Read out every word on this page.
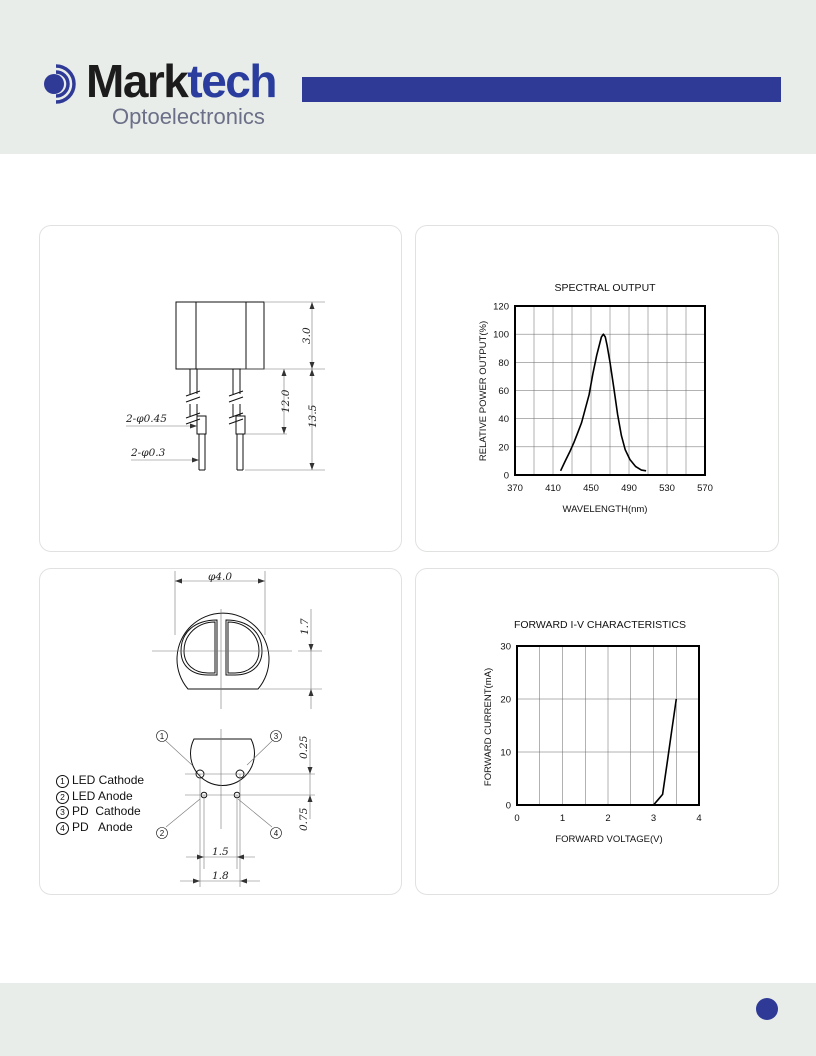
Marktech
Optoelectronics
3.0
12.0
13.5
2-φ0.45
2-φ0.3
SPECTRAL OUTPUT
WAVELENGTH(nm)
RELATIVE POWER OUTPUT(%)
0
20
40
60
80
100
120
370 410 450 490 530 570
φ4.0
1.7
0.25
0.75
1.5
1.8
1	3
2	4
1 LED Cathode
2 LED Anode
3 PD  Cathode
4 PD   Anode
FORWARD I-V CHARACTERISTICS
FORWARD VOLTAGE(V)
FORWARD CURRENT(mA)
0
10
20
30
0	1	2	3	4
